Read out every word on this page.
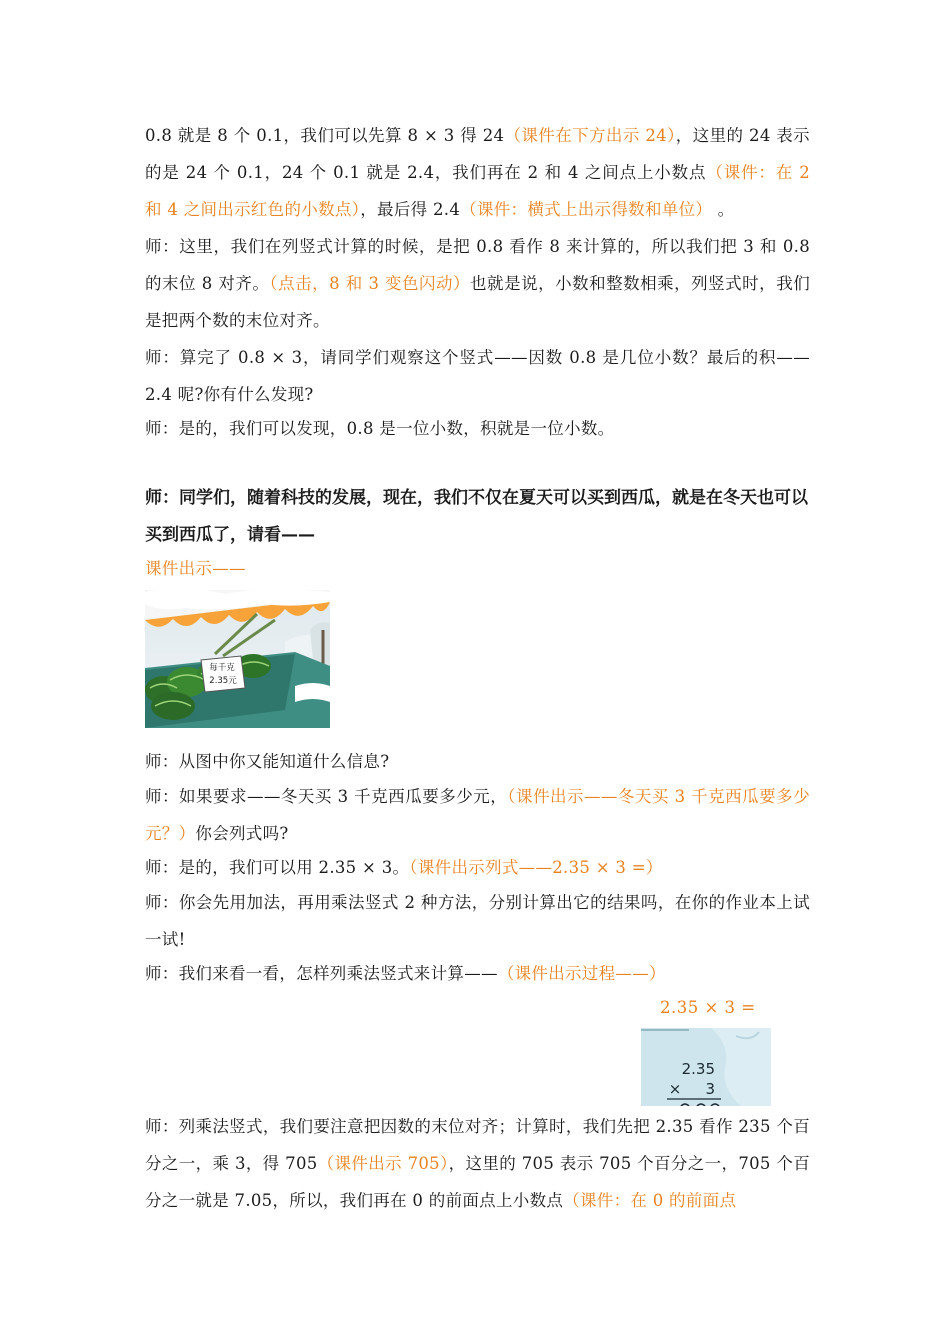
0.8 就是 8 个 0.1，我们可以先算 8 × 3 得 24（课件在下方出示 24），这里的 24 表示的是 24 个 0.1，24 个 0.1 就是 2.4，我们再在 2 和 4 之间点上小数点（课件：在 2 和 4 之间出示红色的小数点），最后得 2.4（课件：横式上出示得数和单位） 。

师：这里，我们在列竖式计算的时候，是把 0.8 看作 8 来计算的，所以我们把 3 和 0.8 的末位 8 对齐。（点击，8 和 3 变色闪动）也就是说，小数和整数相乘，列竖式时，我们是把两个数的末位对齐。

师：算完了 0.8 × 3，请同学们观察这个竖式——因数 0.8 是几位小数？最后的积——2.4 呢?你有什么发现?

师：是的，我们可以发现，0.8 是一位小数，积就是一位小数。

师：同学们，随着科技的发展，现在，我们不仅在夏天可以买到西瓜，就是在冬天也可以买到西瓜了，请看——

课件出示——

每千克
2.35元

师：从图中你又能知道什么信息?

师：如果要求——冬天买 3 千克西瓜要多少元，（课件出示——冬天买 3 千克西瓜要多少元？）你会列式吗?

师：是的，我们可以用 2.35 × 3。（课件出示列式——2.35 × 3 =）

师：你会先用加法，再用乘法竖式 2 种方法，分别计算出它的结果吗，在你的作业本上试一试!

师：我们来看一看，怎样列乘法竖式来计算——（课件出示过程——）

2.35 × 3 =
2.35
× 3

师：列乘法竖式，我们要注意把因数的末位对齐；计算时，我们先把 2.35 看作 235 个百分之一，乘 3，得 705（课件出示 705），这里的 705 表示 705 个百分之一，705 个百分之一就是 7.05，所以，我们再在 0 的前面点上小数点（课件：在 0 的前面点
